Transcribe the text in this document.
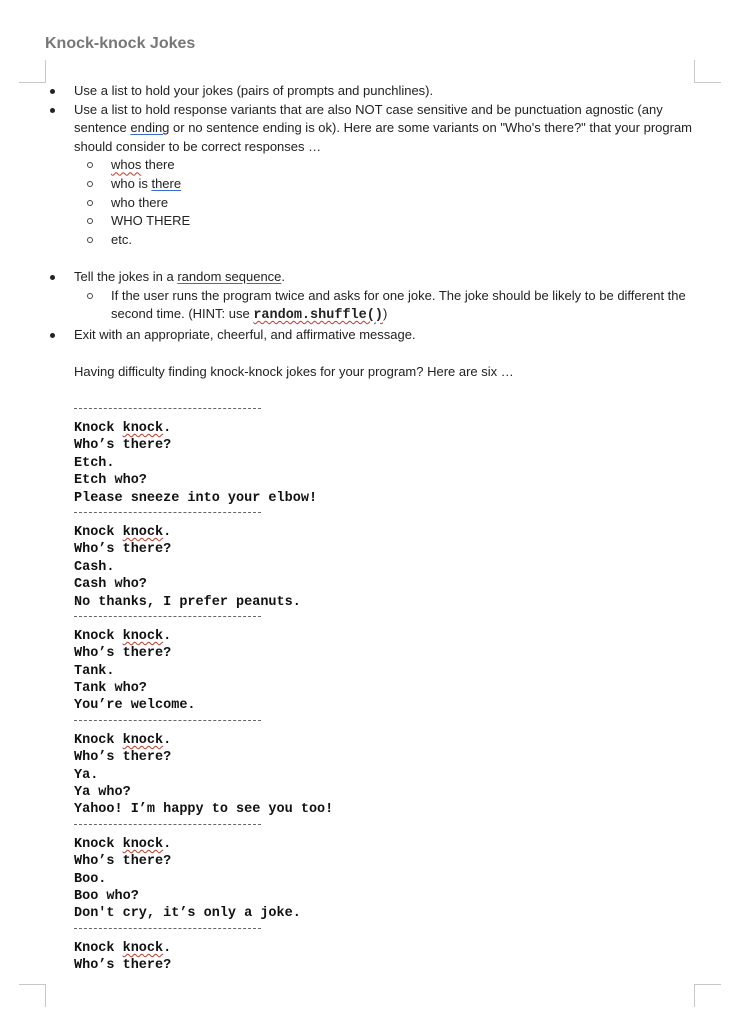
Knock-knock Jokes
Use a list to hold your jokes (pairs of prompts and punchlines).
Use a list to hold response variants that are also NOT case sensitive and be punctuation agnostic (any sentence ending or no sentence ending is ok). Here are some variants on "Who's there?" that your program should consider to be correct responses …
whos there
who is there
who there
WHO THERE
etc.
Tell the jokes in a random sequence.
If the user runs the program twice and asks for one joke. The joke should be likely to be different the second time. (HINT: use random.shuffle())
Exit with an appropriate, cheerful, and affirmative message.
Having difficulty finding knock-knock jokes for your program? Here are six …
Knock knock.
Who’s there?
Etch.
Etch who?
Please sneeze into your elbow!
Knock knock.
Who’s there?
Cash.
Cash who?
No thanks, I prefer peanuts.
Knock knock.
Who’s there?
Tank.
Tank who?
You’re welcome.
Knock knock.
Who’s there?
Ya.
Ya who?
Yahoo! I’m happy to see you too!
Knock knock.
Who’s there?
Boo.
Boo who?
Don't cry, it’s only a joke.
Knock knock.
Who’s there?
